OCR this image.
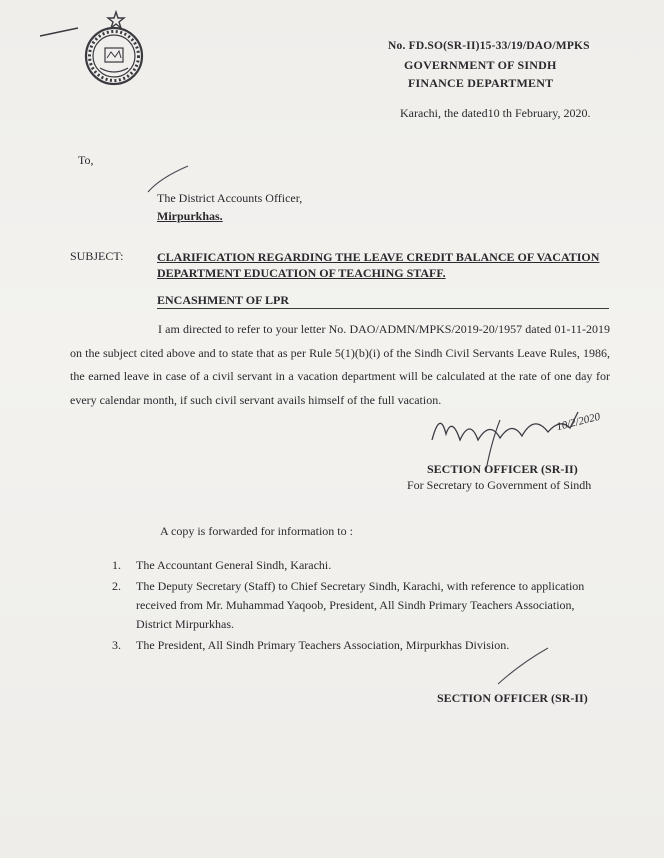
No. FD.SO(SR-II)15-33/19/DAO/MPKS
GOVERNMENT OF SINDH
FINANCE DEPARTMENT
Karachi, the dated10 th February, 2020.
To,
The District Accounts Officer,
Mirpurkhas.
SUBJECT:	CLARIFICATION REGARDING THE LEAVE CREDIT BALANCE OF VACATION DEPARTMENT EDUCATION OF TEACHING STAFF.
ENCASHMENT OF LPR
I am directed to refer to your letter No. DAO/ADMN/MPKS/2019-20/1957 dated 01-11-2019 on the subject cited above and to state that as per Rule 5(1)(b)(i) of the Sindh Civil Servants Leave Rules, 1986, the earned leave in case of a civil servant in a vacation department will be calculated at the rate of one day for every calendar month, if such civil servant avails himself of the full vacation.
10/2/2020
SECTION OFFICER (SR-II)
For Secretary to Government of Sindh
A copy is forwarded for information to :
1.	The Accountant General Sindh, Karachi.
2.	The Deputy Secretary (Staff) to Chief Secretary Sindh, Karachi, with reference to application received from Mr. Muhammad Yaqoob, President, All Sindh Primary Teachers Association, District Mirpurkhas.
3.	The President, All Sindh Primary Teachers Association, Mirpurkhas Division.
SECTION OFFICER (SR-II)
